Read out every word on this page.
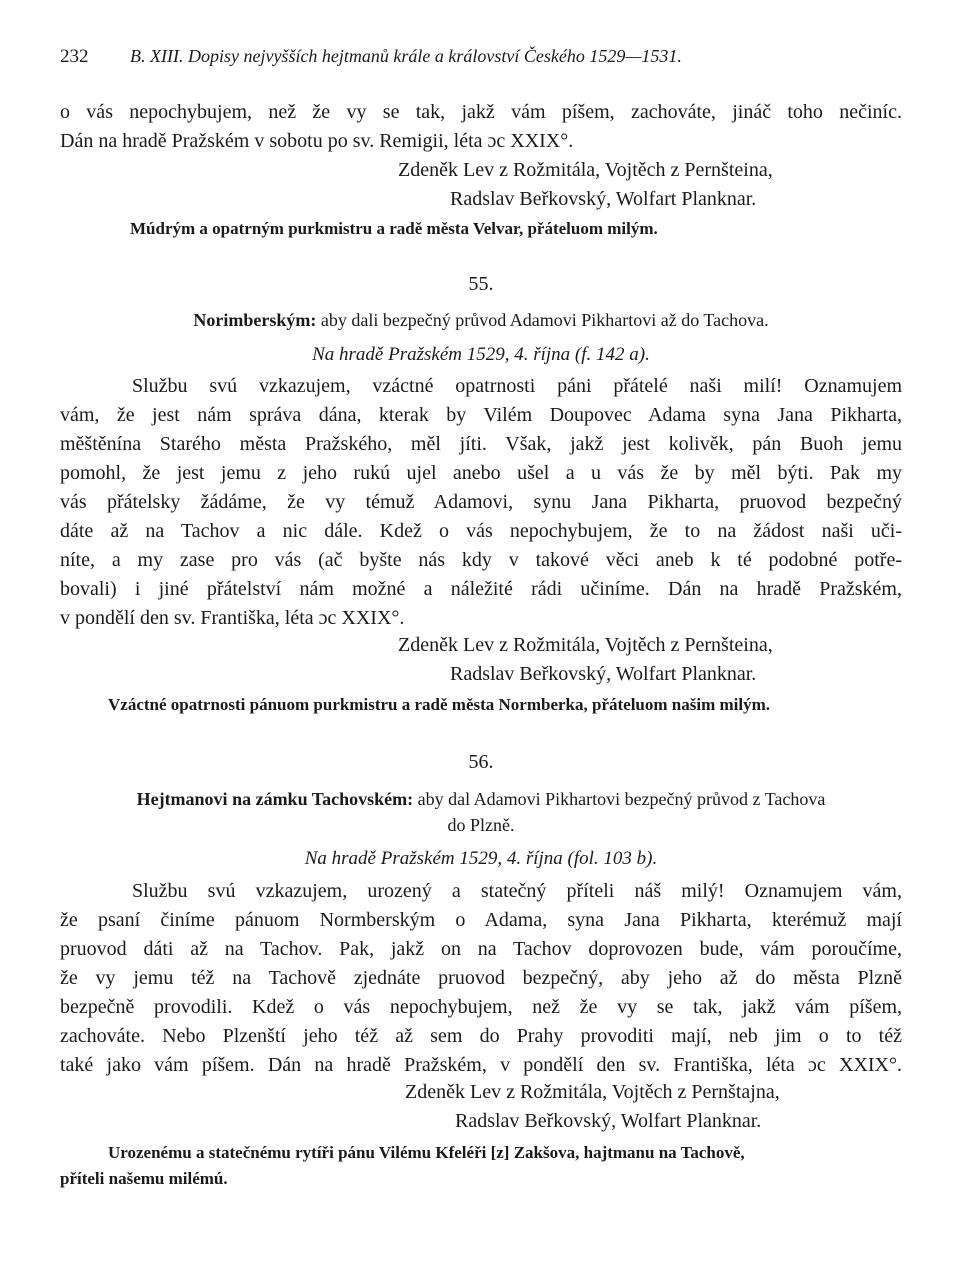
232 B. XIII. Dopisy nejvyšších hejtmanů krále a království Českého 1529—1531.
o vás nepochybujem, než že vy se tak, jakž vám píšem, zachováte, jináč toho nečiníc.
Dán na hradě Pražském v sobotu po sv. Remigii, léta ɔc XXIX°.
Zdeněk Lev z Rožmitála, Vojtěch z Pernšteina,
Radslav Beřkovský, Wolfart Planknar.
Múdrým a opatrným purkmistru a radě města Velvar, přáteluom milým.
55.
Norimberským: aby dali bezpečný průvod Adamovi Pikhartovi až do Tachova.
Na hradě Pražském 1529, 4. října (f. 142 a).
Službu svú vzkazujem, vzáctné opatrnosti páni přátelé naši milí! Oznamujem
vám, že jest nám správa dána, kterak by Vilém Doupovec Adama syna Jana Pikharta,
měštěnína Starého města Pražského, měl jíti. Však, jakž jest kolivěk, pán Buoh jemu
pomohl, že jest jemu z jeho rukú ujel anebo ušel a u vás že by měl býti. Pak my
vás přátelsky žádáme, že vy témuž Adamovi, synu Jana Pikharta, pruovod bezpečný
dáte až na Tachov a nic dále. Kdež o vás nepochybujem, že to na žádost naši uči-
níte, a my zase pro vás (ač byšte nás kdy v takové věci aneb k té podobné potře-
bovali) i jiné přátelství nám možné a náležité rádi učiníme. Dán na hradě Pražském,
v pondělí den sv. Františka, léta ɔc XXIX°.
Zdeněk Lev z Rožmitála, Vojtěch z Pernšteina,
Radslav Beřkovský, Wolfart Planknar.
Vzáctné opatrnosti pánuom purkmistru a radě města Normberka, přáteluom našim milým.
56.
Hejtmanovi na zámku Tachovském: aby dal Adamovi Pikhartovi bezpečný průvod z Tachova
do Plzně.
Na hradě Pražském 1529, 4. října (fol. 103 b).
Službu svú vzkazujem, urozený a statečný příteli náš milý! Oznamujem vám,
že psaní činíme pánuom Normberským o Adama, syna Jana Pikharta, kterémuž mají
pruovod dáti až na Tachov. Pak, jakž on na Tachov doprovozen bude, vám poroučíme,
že vy jemu též na Tachově zjednáte pruovod bezpečný, aby jeho až do města Plzně
bezpečně provodili. Kdež o vás nepochybujem, než že vy se tak, jakž vám píšem,
zachováte. Nebo Plzenští jeho též až sem do Prahy provoditi mají, neb jim o to též
také jako vám píšem. Dán na hradě Pražském, v pondělí den sv. Františka, léta ɔc XXIX°.
Zdeněk Lev z Rožmitála, Vojtěch z Pernštajna,
Radslav Beřkovský, Wolfart Planknar.
Urozenému a statečnému rytíři pánu Vilému Kfeléři [z] Zakšova, hajtmanu na Tachově,
příteli našemu milémú.
